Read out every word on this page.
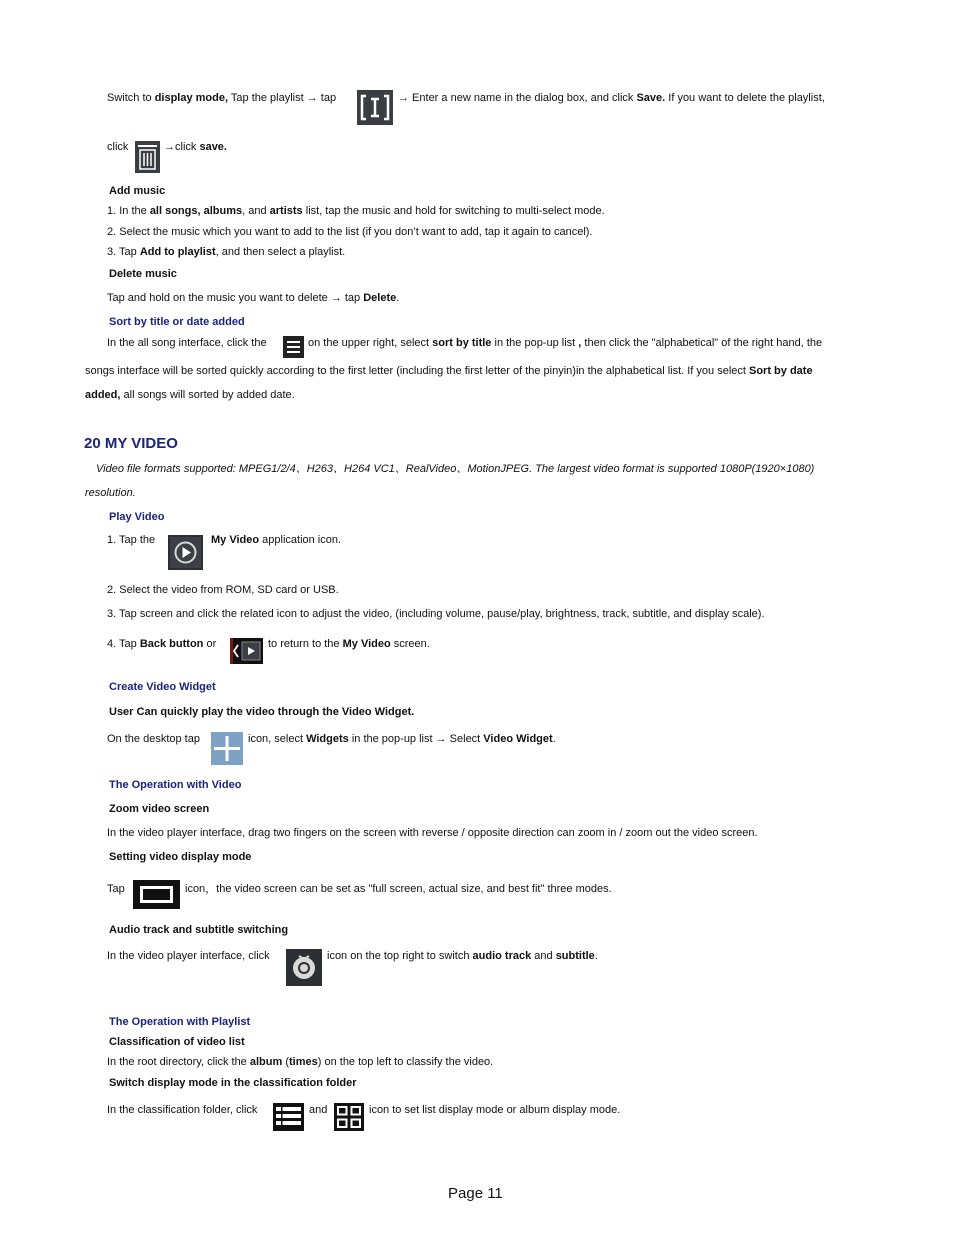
Switch to display mode, Tap the playlist → tap	→ Enter a new name in the dialog box, and click Save. If you want to delete the playlist,
click	→click save.
Add music
1. In the all songs, albums, and artists list, tap the music and hold for switching to multi-select mode.
2. Select the music which you want to add to the list (if you don’t want to add, tap it again to cancel).
3. Tap Add to playlist, and then select a playlist.
Delete music
Tap and hold on the music you want to delete → tap Delete.
Sort by title or date added
In the all song interface, click the	on the upper right, select sort by title in the pop-up list , then click the "alphabetical" of the right hand, the
songs interface will be sorted quickly according to the first letter (including the first letter of the pinyin)in the alphabetical list. If you select Sort by date
added, all songs will sorted by added date.
20 MY VIDEO
Video file formats supported: MPEG1/2/4、H263、H264 VC1、RealVideo、MotionJPEG. The largest video format is supported 1080P(1920×1080)
resolution.
Play Video
1. Tap the	My Video application icon.
2. Select the video from ROM, SD card or USB.
3. Tap screen and click the related icon to adjust the video, (including volume, pause/play, brightness, track, subtitle, and display scale).
4. Tap Back button or	to return to the My Video screen.
Create Video Widget
User Can quickly play the video through the Video Widget.
On the desktop tap	icon, select Widgets in the pop-up list → Select Video Widget.
The Operation with Video
Zoom video screen
In the video player interface, drag two fingers on the screen with reverse / opposite direction can zoom in / zoom out the video screen.
Setting video display mode
Tap	icon，the video screen can be set as "full screen, actual size, and best fit" three modes.
Audio track and subtitle switching
In the video player interface, click	icon on the top right to switch audio track and subtitle.
The Operation with Playlist
Classification of video list
In the root directory, click the album (times) on the top left to classify the video.
Switch display mode in the classification folder
In the classification folder, click	and	icon to set list display mode or album display mode.
Page 11
